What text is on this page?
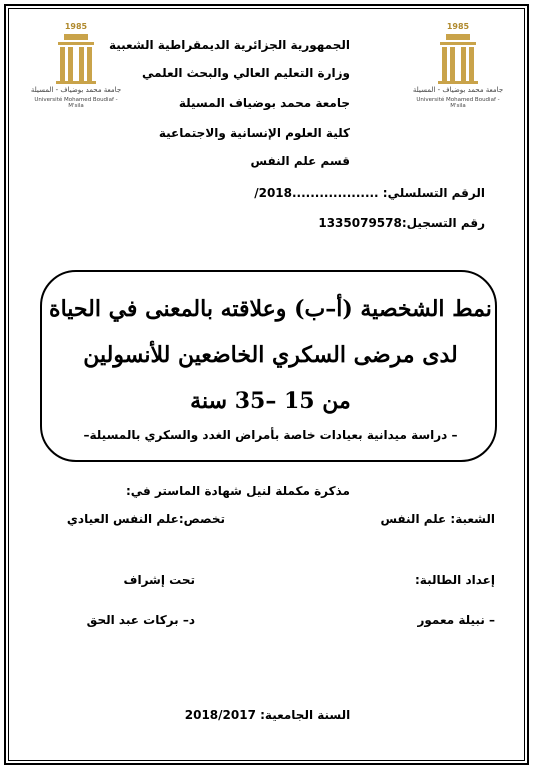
الجمهورية الجزائرية الديمقراطية الشعبية
وزارة التعليم العالي والبحث العلمي
جامعة محمد بوضياف المسيلة
كلية العلوم الإنسانية والاجتماعية
قسم علم النفس
1985
جامعة محمد بوضياف - المسيلة
Université Mohamed Boudiaf - M'sila
1985
جامعة محمد بوضياف - المسيلة
Université Mohamed Boudiaf - M'sila
الرقم التسلسلي: ...................2018/
رقم التسجيل:1335079578
نمط الشخصية (أ–ب) وعلاقته بالمعنى في الحياة
لدى مرضى السكري الخاضعين للأنسولين
من 15 –35 سنة
– دراسة ميدانية بعيادات خاصة بأمراض الغدد والسكري بالمسيلة–
مذكرة مكملة لنيل شهادة الماستر في:
الشعبة: علم النفس
تخصص:علم النفس العيادي
إعداد الطالبة:
تحت إشراف
– نبيلة معمور
د– بركات عبد الحق
السنة الجامعية: 2018/2017
